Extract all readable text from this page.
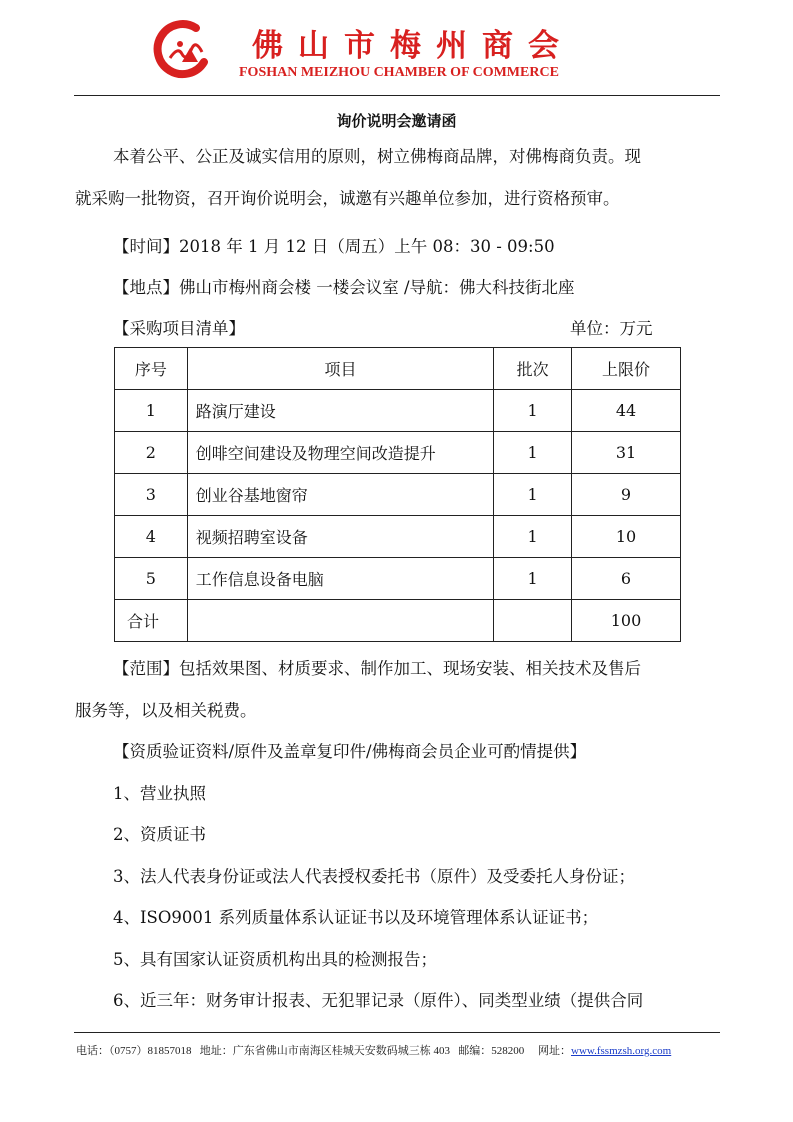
佛山市梅州商会
FOSHAN MEIZHOU CHAMBER OF COMMERCE
询价说明会邀请函
本着公平、公正及诚实信用的原则，树立佛梅商品牌，对佛梅商负责。现
就采购一批物资，召开询价说明会，诚邀有兴趣单位参加，进行资格预审。
【时间】2018 年 1 月 12 日（周五）上午 08：30 - 09:50
【地点】佛山市梅州商会楼 一楼会议室 /导航：佛大科技街北座
【采购项目清单】	单位：万元
序号	项目	批次	上限价
1	路演厅建设	1	44
2	创啡空间建设及物理空间改造提升	1	31
3	创业谷基地窗帘	1	9
4	视频招聘室设备	1	10
5	工作信息设备电脑	1	6
合计			100
【范围】包括效果图、材质要求、制作加工、现场安装、相关技术及售后
服务等，以及相关税费。
【资质验证资料/原件及盖章复印件/佛梅商会员企业可酌情提供】
1、营业执照
2、资质证书
3、法人代表身份证或法人代表授权委托书（原件）及受委托人身份证；
4、ISO9001 系列质量体系认证证书以及环境管理体系认证证书；
5、具有国家认证资质机构出具的检测报告；
6、近三年：财务审计报表、无犯罪记录（原件）、同类型业绩（提供合同
电话：（0757）81857018 地址：广东省佛山市南海区桂城天安数码城三栋 403 邮编：528200 网址：www.fssmzsh.org.com
